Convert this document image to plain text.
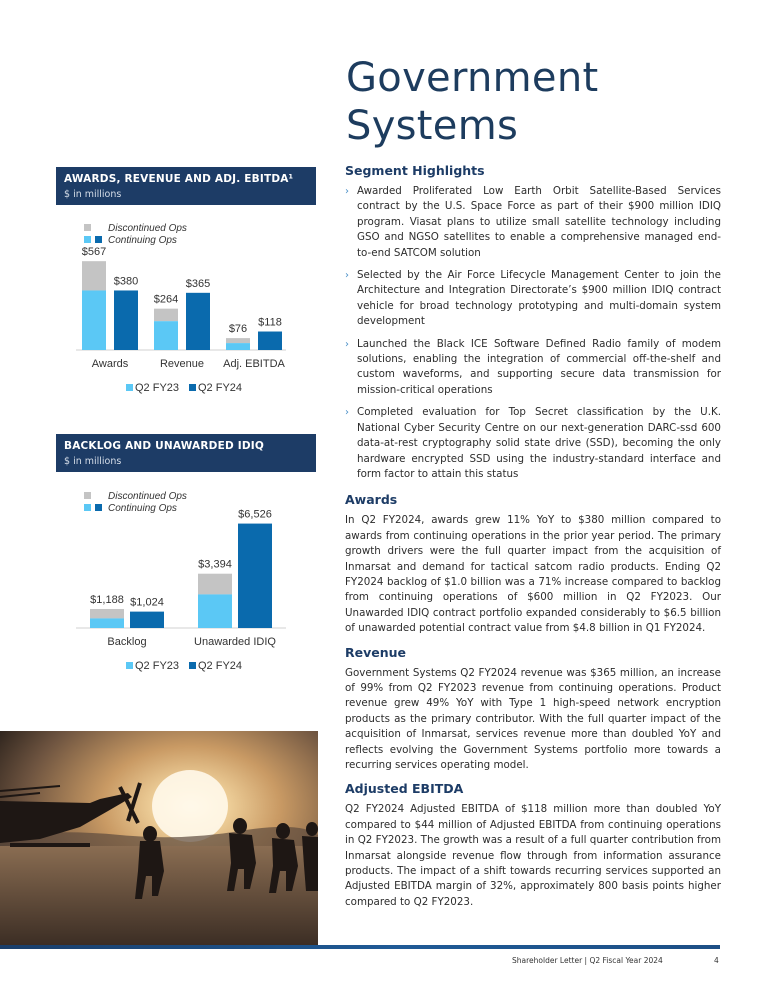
Government
Systems
AWARDS, REVENUE AND ADJ. EBITDA¹
$ in millions
Discontinued Ops
Continuing Ops
$567
$380
Awards
$264
$365
Revenue
$76
$118
Adj. EBITDA
Q2 FY23 Q2 FY24
BACKLOG AND UNAWARDED IDIQ
$ in millions
Discontinued Ops
Continuing Ops
$1,188 $1,024
Backlog
$3,394
$6,526
Unawarded IDIQ
Q2 FY23 Q2 FY24
Segment Highlights
› Awarded Proliferated Low Earth Orbit Satellite-Based Services contract by the U.S. Space Force as part of their $900 million IDIQ program. Viasat plans to utilize small satellite technology including GSO and NGSO satellites to enable a comprehensive managed end-to-end SATCOM solution
› Selected by the Air Force Lifecycle Management Center to join the Architecture and Integration Directorate’s $900 million IDIQ contract vehicle for broad technology prototyping and multi-domain system development
› Launched the Black ICE Software Defined Radio family of modem solutions, enabling the integration of commercial off-the-shelf and custom waveforms, and supporting secure data transmission for mission-critical operations
› Completed evaluation for Top Secret classification by the U.K. National Cyber Security Centre on our next-generation DARC-ssd 600 data-at-rest cryptography solid state drive (SSD), becoming the only hardware encrypted SSD using the industry-standard interface and form factor to attain this status
Awards

In Q2 FY2024, awards grew 11% YoY to $380 million compared to awards from continuing operations in the prior year period. The primary growth drivers were the full quarter impact from the acquisition of Inmarsat and demand for tactical satcom radio products. Ending Q2 FY2024 backlog of $1.0 billion was a 71% increase compared to backlog from continuing operations of $600 million in Q2 FY2023. Our Unawarded IDIQ contract portfolio expanded considerably to $6.5 billion of unawarded potential contract value from $4.8 billion in Q1 FY2024.

Revenue

Government Systems Q2 FY2024 revenue was $365 million, an increase of 99% from Q2 FY2023 revenue from continuing operations. Product revenue grew 49% YoY with Type 1 high-speed network encryption products as the primary contributor. With the full quarter impact of the acquisition of Inmarsat, services revenue more than doubled YoY and reflects evolving the Government Systems portfolio more towards a recurring services operating model.

Adjusted EBITDA

Q2 FY2024 Adjusted EBITDA of $118 million more than doubled YoY compared to $44 million of Adjusted EBITDA from continuing operations in Q2 FY2023. The growth was a result of a full quarter contribution from Inmarsat alongside revenue flow through from information assurance products. The impact of a shift towards recurring services supported an Adjusted EBITDA margin of 32%, approximately 800 basis points higher compared to Q2 FY2023.

Shareholder Letter | Q2 Fiscal Year 2024	4
